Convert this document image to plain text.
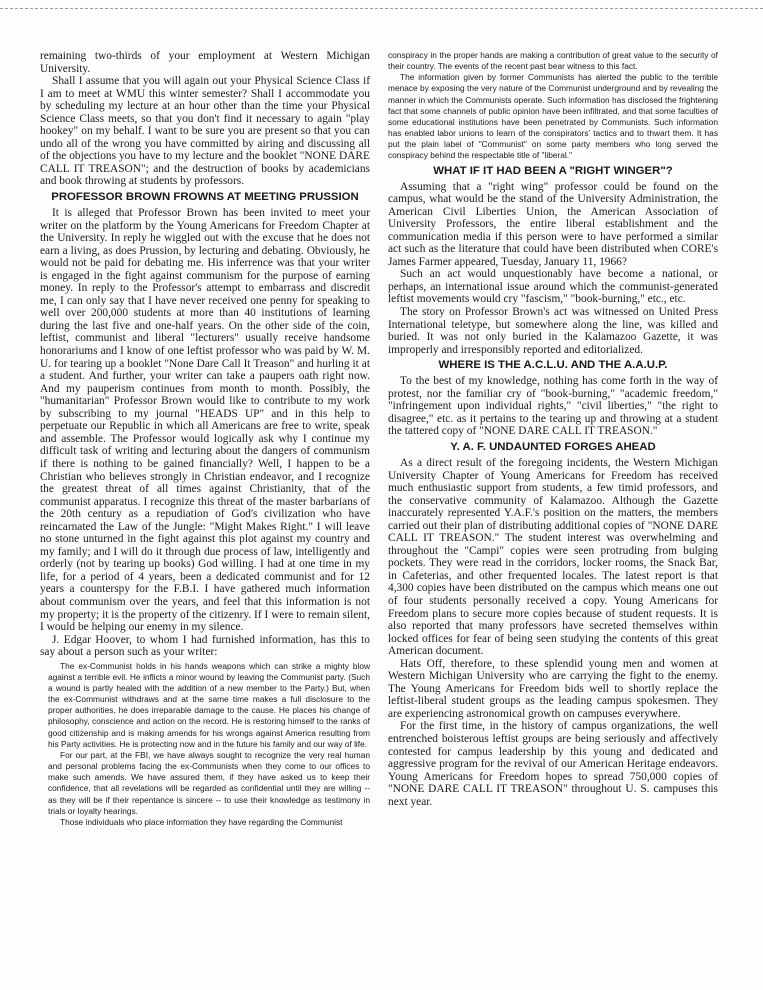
remaining two-thirds of your employment at Western Michigan University.

Shall I assume that you will again out your Physical Science Class if I am to meet at WMU this winter semester? Shall I accommodate you by scheduling my lecture at an hour other than the time your Physical Science Class meets, so that you don't find it necessary to again "play hookey" on my behalf. I want to be sure you are present so that you can undo all of the wrong you have committed by airing and discussing all of the objections you have to my lecture and the booklet "NONE DARE CALL IT TREASON"; and the destruction of books by academicians and book throwing at students by professors.

PROFESSOR BROWN FROWNS AT MEETING PRUSSION

It is alleged that Professor Brown has been invited to meet your writer on the platform by the Young Americans for Freedom Chapter at the University. In reply he wiggled out with the excuse that he does not earn a living, as does Prussion, by lecturing and debating. Obviously, he would not be paid for debating me. His inferrence was that your writer is engaged in the fight against communism for the purpose of earning money. In reply to the Professor's attempt to embarrass and discredit me, I can only say that I have never received one penny for speaking to well over 200,000 students at more than 40 institutions of learning during the last five and one-half years. On the other side of the coin, leftist, communist and liberal "lecturers" usually receive handsome honorariums and I know of one leftist professor who was paid by W. M. U. for tearing up a booklet "None Dare Call It Treason" and hurling it at a student. And further, your writer can take a paupers oath right now. And my pauperism continues from month to month. Possibly, the "humanitarian" Professor Brown would like to contribute to my work by subscribing to my journal "HEADS UP" and in this help to perpetuate our Republic in which all Americans are free to write, speak and assemble. The Professor would logically ask why I continue my difficult task of writing and lecturing about the dangers of communism if there is nothing to be gained financially? Well, I happen to be a Christian who believes strongly in Christian endeavor, and I recognize the greatest threat of all times against Christianity, that of the communist apparatus. I recognize this threat of the master barbarians of the 20th century as a repudiation of God's civilization who have reincarnated the Law of the Jungle: "Might Makes Right." I will leave no stone unturned in the fight against this plot against my country and my family; and I will do it through due process of law, intelligently and orderly (not by tearing up books) God willing. I had at one time in my life, for a period of 4 years, been a dedicated communist and for 12 years a counterspy for the F.B.I. I have gathered much information about communism over the years, and feel that this information is not my property; it is the property of the citizenry. If I were to remain silent, I would be helping our enemy in my silence.

J. Edgar Hoover, to whom I had furnished information, has this to say about a person such as your writer:

The ex-Communist holds in his hands weapons which can strike a mighty blow against a terrible evil. He inflicts a minor wound by leaving the Communist party. (Such a wound is partly healed with the addition of a new member to the Party.) But, when the ex-Communist withdraws and at the same time makes a full disclosure to the proper authorities, he does irreparable damage to the cause. He places his change of philosophy, conscience and action on the record. He is restoring himself to the ranks of good citizenship and is making amends for his wrongs against America resulting from his Party activities. He is protecting now and in the future his family and our way of life.

For our part, at the FBI, we have always sought to recognize the very real human and personal problems facing the ex-Communists when they come to our offices to make such amends. We have assured them, if they have asked us to keep their confidence, that all revelations will be regarded as confidential until they are willing -- as they will be if their repentance is sincere -- to use their knowledge as testimony in trials or loyalty hearings.

Those individuals who place information they have regarding the Communist

conspiracy in the proper hands are making a contribution of great value to the security of their country. The events of the recent past bear witness to this fact.

The information given by former Communists has alerted the public to the terrible menace by exposing the very nature of the Communist underground and by revealing the manner in which the Communists operate. Such information has disclosed the frightening fact that some channels of public opinion have been infiltrated, and that some faculties of some educational institutions have been penetrated by Communists. Such information has enabled labor unions to learn of the conspirators' tactics and to thwart them. It has put the plain label of "Communist" on some party members who long served the conspiracy behind the respectable title of "liberal."

WHAT IF IT HAD BEEN A "RIGHT WINGER"?

Assuming that a "right wing" professor could be found on the campus, what would be the stand of the University Administration, the American Civil Liberties Union, the American Association of University Professors, the entire liberal establishment and the communication media if this person were to have performed a similar act such as the literature that could have been distributed when CORE's James Farmer appeared, Tuesday, January 11, 1966?

Such an act would unquestionably have become a national, or perhaps, an international issue around which the communist-generated leftist movements would cry "fascism," "book-burning," etc., etc.

The story on Professor Brown's act was witnessed on United Press International teletype, but somewhere along the line, was killed and buried. It was not only buried in the Kalamazoo Gazette, it was improperly and irresponsibly reported and editorialized.

WHERE IS THE A.C.L.U. AND THE A.A.U.P.

To the best of my knowledge, nothing has come forth in the way of protest, nor the familiar cry of "book-burning," "academic freedom," "infringement upon individual rights," "civil liberties," "the right to disagree," etc. as it pertains to the tearing up and throwing at a student the tattered copy of "NONE DARE CALL IT TREASON."

Y. A. F. UNDAUNTED FORGES AHEAD

As a direct result of the foregoing incidents, the Western Michigan University Chapter of Young Americans for Freedom has received much enthusiastic support from students, a few timid professors, and the conservative community of Kalamazoo. Although the Gazette inaccurately represented Y.A.F.'s position on the matters, the members carried out their plan of distributing additional copies of "NONE DARE CALL IT TREASON." The student interest was overwhelming and throughout the "Campi" copies were seen protruding from bulging pockets. They were read in the corridors, locker rooms, the Snack Bar, in Cafeterias, and other frequented locales. The latest report is that 4,300 copies have been distributed on the campus which means one out of four students personally received a copy. Young Americans for Freedom plans to secure more copies because of student requests. It is also reported that many professors have secreted themselves within locked offices for fear of being seen studying the contents of this great American document.

Hats Off, therefore, to these splendid young men and women at Western Michigan University who are carrying the fight to the enemy. The Young Americans for Freedom bids well to shortly replace the leftist-liberal student groups as the leading campus spokesmen. They are experiencing astronomical growth on campuses everywhere.

For the first time, in the history of campus organizations, the well entrenched boisterous leftist groups are being seriously and affectively contested for campus leadership by this young and dedicated and aggressive program for the revival of our American Heritage endeavors. Young Americans for Freedom hopes to spread 750,000 copies of "NONE DARE CALL IT TREASON" throughout U. S. campuses this next year.
